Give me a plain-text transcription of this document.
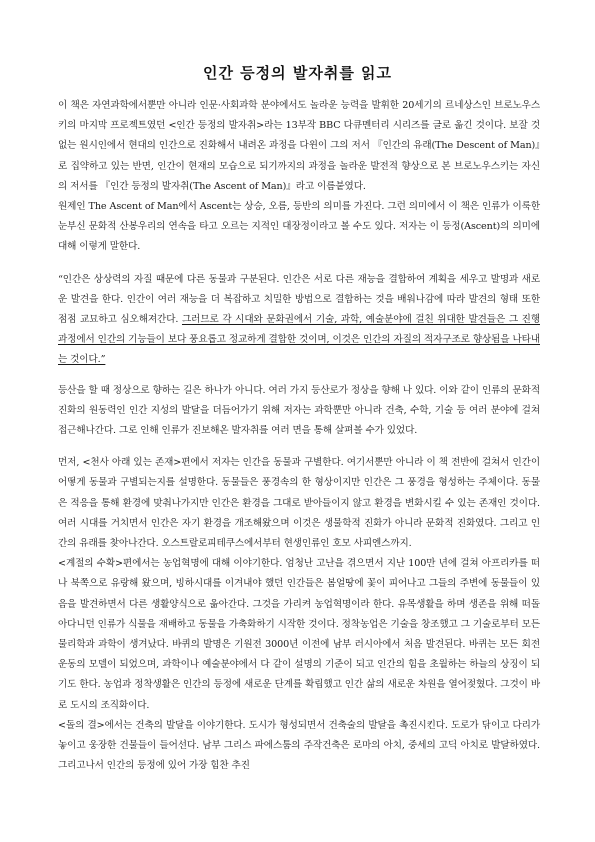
인간 등정의 발자취를 읽고

이 책은 자연과학에서뿐만 아니라 인문·사회과학 분야에서도 놀라운 능력을 발휘한 20세기의 르네상스인 브로노우스키의 마지막 프로젝트였던 <인간 등정의 발자취>라는 13부작 BBC 다큐멘터리 시리즈를 글로 옮긴 것이다. 보잘 것 없는 원시인에서 현대의 인간으로 진화해서 내려온 과정을 다윈이 그의 저서 『인간의 유래(The Descent of Man)』로 집약하고 있는 반면, 인간이 현재의 모습으로 되기까지의 과정을 놀라운 발전적 향상으로 본 브로노우스키는 자신의 저서를 『인간 등정의 발자취(The Ascent of Man)』라고 이름붙였다.

원제인 The Ascent of Man에서 Ascent는 상승, 오름, 등반의 의미를 가진다. 그런 의미에서 이 책은 인류가 이룩한 눈부신 문화적 산봉우리의 연속을 타고 오르는 지적인 대장정이라고 볼 수도 있다. 저자는 이 등정(Ascent)의 의미에 대해 이렇게 말한다.

“인간은 상상력의 자질 때문에 다른 동물과 구분된다. 인간은 서로 다른 재능을 결합하여 계획을 세우고 발명과 새로운 발견을 한다. 인간이 여러 재능을 더 복잡하고 치밀한 방법으로 결합하는 것을 배워나감에 따라 발견의 형태 또한 점점 교묘하고 심오해져간다. 그러므로 각 시대와 문화권에서 기술, 과학, 예술분야에 걸친 위대한 발견들은 그 진행 과정에서 인간의 기능들이 보다 풍요롭고 정교하게 결합한 것이며, 이것은 인간의 자질의 적자구조로 향상됨을 나타내는 것이다.”

등산을 할 때 정상으로 향하는 길은 하나가 아니다. 여러 가지 등산로가 정상을 향해 나 있다. 이와 같이 인류의 문화적 진화의 원동력인 인간 지성의 발달을 더듬어가기 위해 저자는 과학뿐만 아니라 건축, 수학, 기술 등 여러 분야에 걸쳐 접근해나간다. 그로 인해 인류가 진보해온 발자취를 여러 면을 통해 살펴볼 수가 있었다.

먼저, <천사 아래 있는 존재>편에서 저자는 인간을 동물과 구별한다. 여기서뿐만 아니라 이 책 전반에 걸쳐서 인간이 어떻게 동물과 구별되는지를 설명한다. 동물들은 풍경속의 한 형상이지만 인간은 그 풍경을 형성하는 주체이다. 동물은 적응을 통해 환경에 맞춰나가지만 인간은 환경을 그대로 받아들이지 않고 환경을 변화시킬 수 있는 존재인 것이다. 여러 시대를 거치면서 인간은 자기 환경을 개조해왔으며 이것은 생물학적 진화가 아니라 문화적 진화였다. 그리고 인간의 유래를 찾아나간다. 오스트랄로피테쿠스에서부터 현생인류인 호모 사피엔스까지.

<계절의 수확>편에서는 농업혁명에 대해 이야기한다. 엄청난 고난을 겪으면서 지난 100만 년에 걸쳐 아프리카를 떠나 북쪽으로 유랑해 왔으며, 빙하시대를 이겨내야 했던 인간들은 봄얼땅에 꽃이 피어나고 그들의 주변에 동물들이 있음을 발견하면서 다른 생활양식으로 옮아간다. 그것을 가리켜 농업혁명이라 한다. 유목생활을 하며 생존을 위해 떠돌아다니던 인류가 식물을 재배하고 동물을 가축화하기 시작한 것이다. 정착농업은 기술을 창조했고 그 기술로부터 모든 물리학과 과학이 생겨났다. 바퀴의 발명은 기원전 3000년 이전에 남부 러시아에서 처음 발견된다. 바퀴는 모든 회전 운동의 모델이 되었으며, 과학이나 예술분야에서 다 같이 설명의 기준이 되고 인간의 힘을 초월하는 하늘의 상징이 되기도 한다. 농업과 정착생활은 인간의 등정에 새로운 단계를 확립했고 인간 삶의 새로운 차원을 열어젖혔다. 그것이 바로 도시의 조직화이다.

<돌의 결>에서는 건축의 발달을 이야기한다. 도시가 형성되면서 건축술의 발달을 촉진시킨다. 도로가 닦이고 다리가 놓이고 웅장한 건물들이 들어선다. 남부 그리스 파에스툼의 주작건축은 로마의 아치, 중세의 고딕 아치로 발달하였다. 그리고나서 인간의 등정에 있어 가장 힘찬 추진
